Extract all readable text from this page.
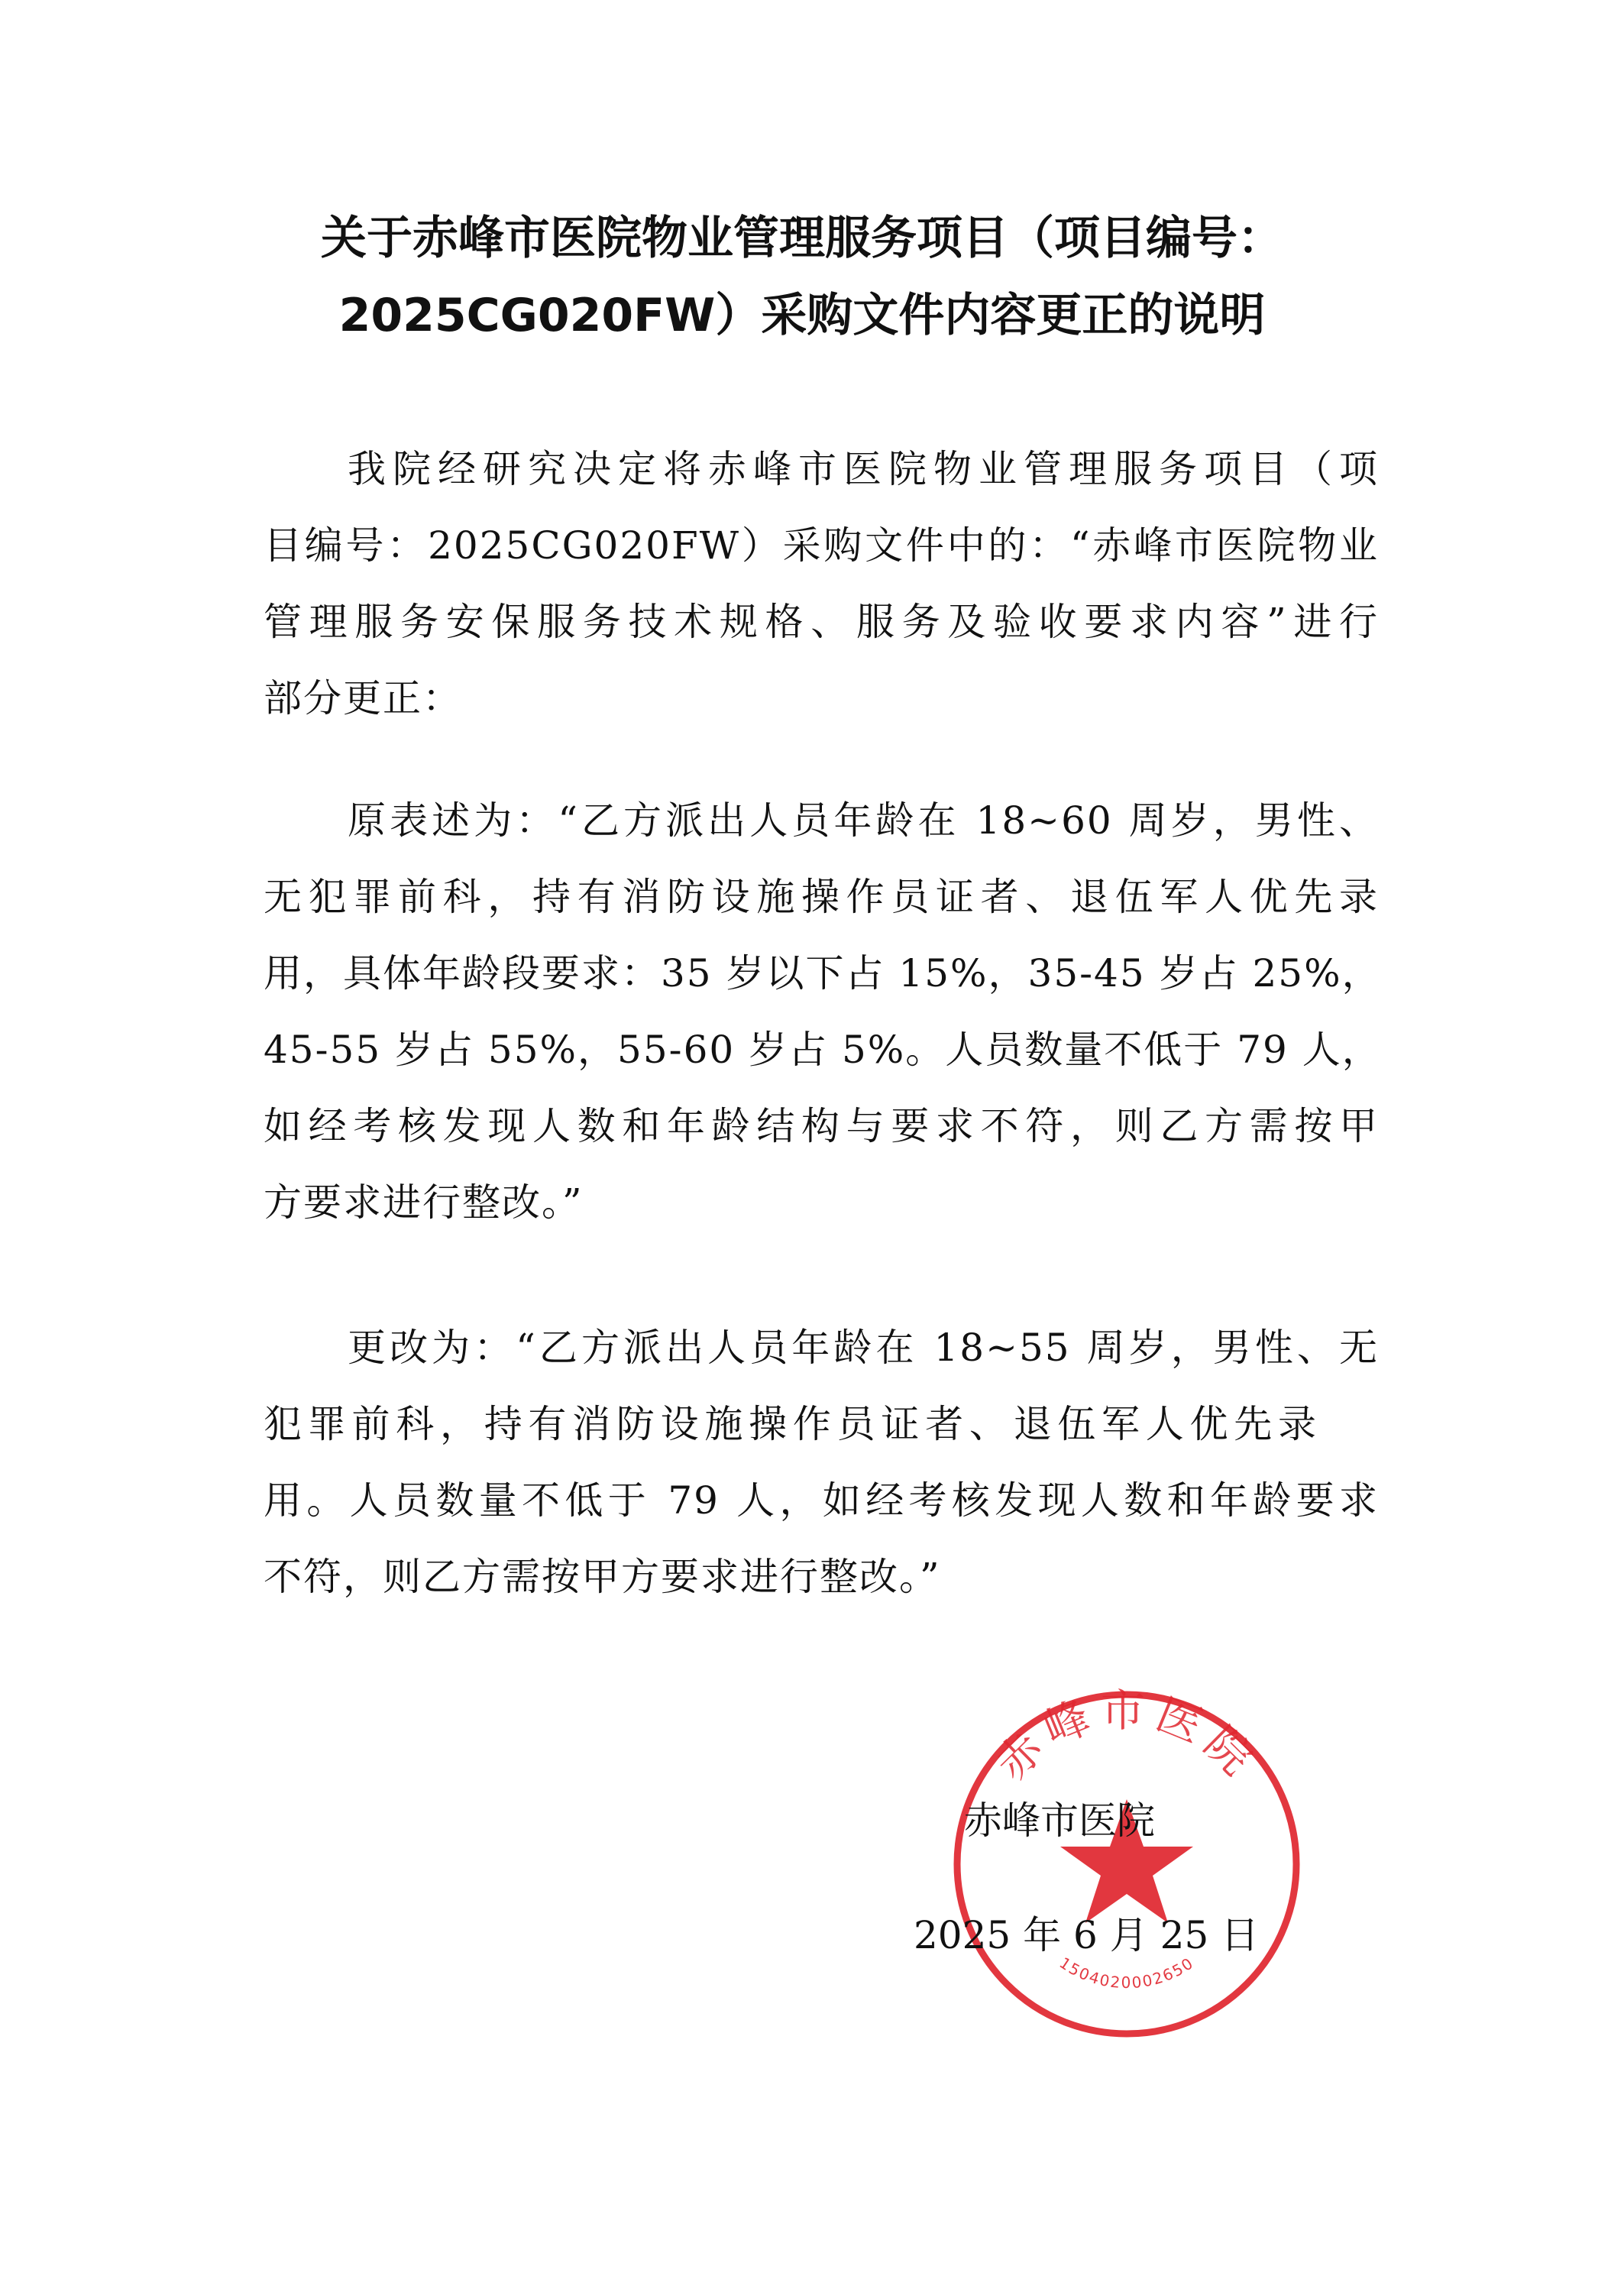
关于赤峰市医院物业管理服务项目（项目编号：
2025CG020FW）采购文件内容更正的说明
我院经研究决定将赤峰市医院物业管理服务项目（项
目编号：2025CG020FW）采购文件中的：“赤峰市医院物业
管理服务安保服务技术规格、服务及验收要求内容”进行
部分更正：
原表述为：“乙方派出人员年龄在 18~60 周岁，男性、
无犯罪前科，持有消防设施操作员证者、退伍军人优先录
用，具体年龄段要求：35 岁以下占 15%，35-45 岁占 25%，
45-55 岁占 55%，55-60 岁占 5%。人员数量不低于 79 人，
如经考核发现人数和年龄结构与要求不符，则乙方需按甲
方要求进行整改。”
更改为：“乙方派出人员年龄在 18~55 周岁，男性、无
犯罪前科，持有消防设施操作员证者、退伍军人优先录
用。人员数量不低于 79 人，如经考核发现人数和年龄要求
不符，则乙方需按甲方要求进行整改。”
赤峰市医院
1504020002650
赤峰市医院
2025 年 6 月 25 日
